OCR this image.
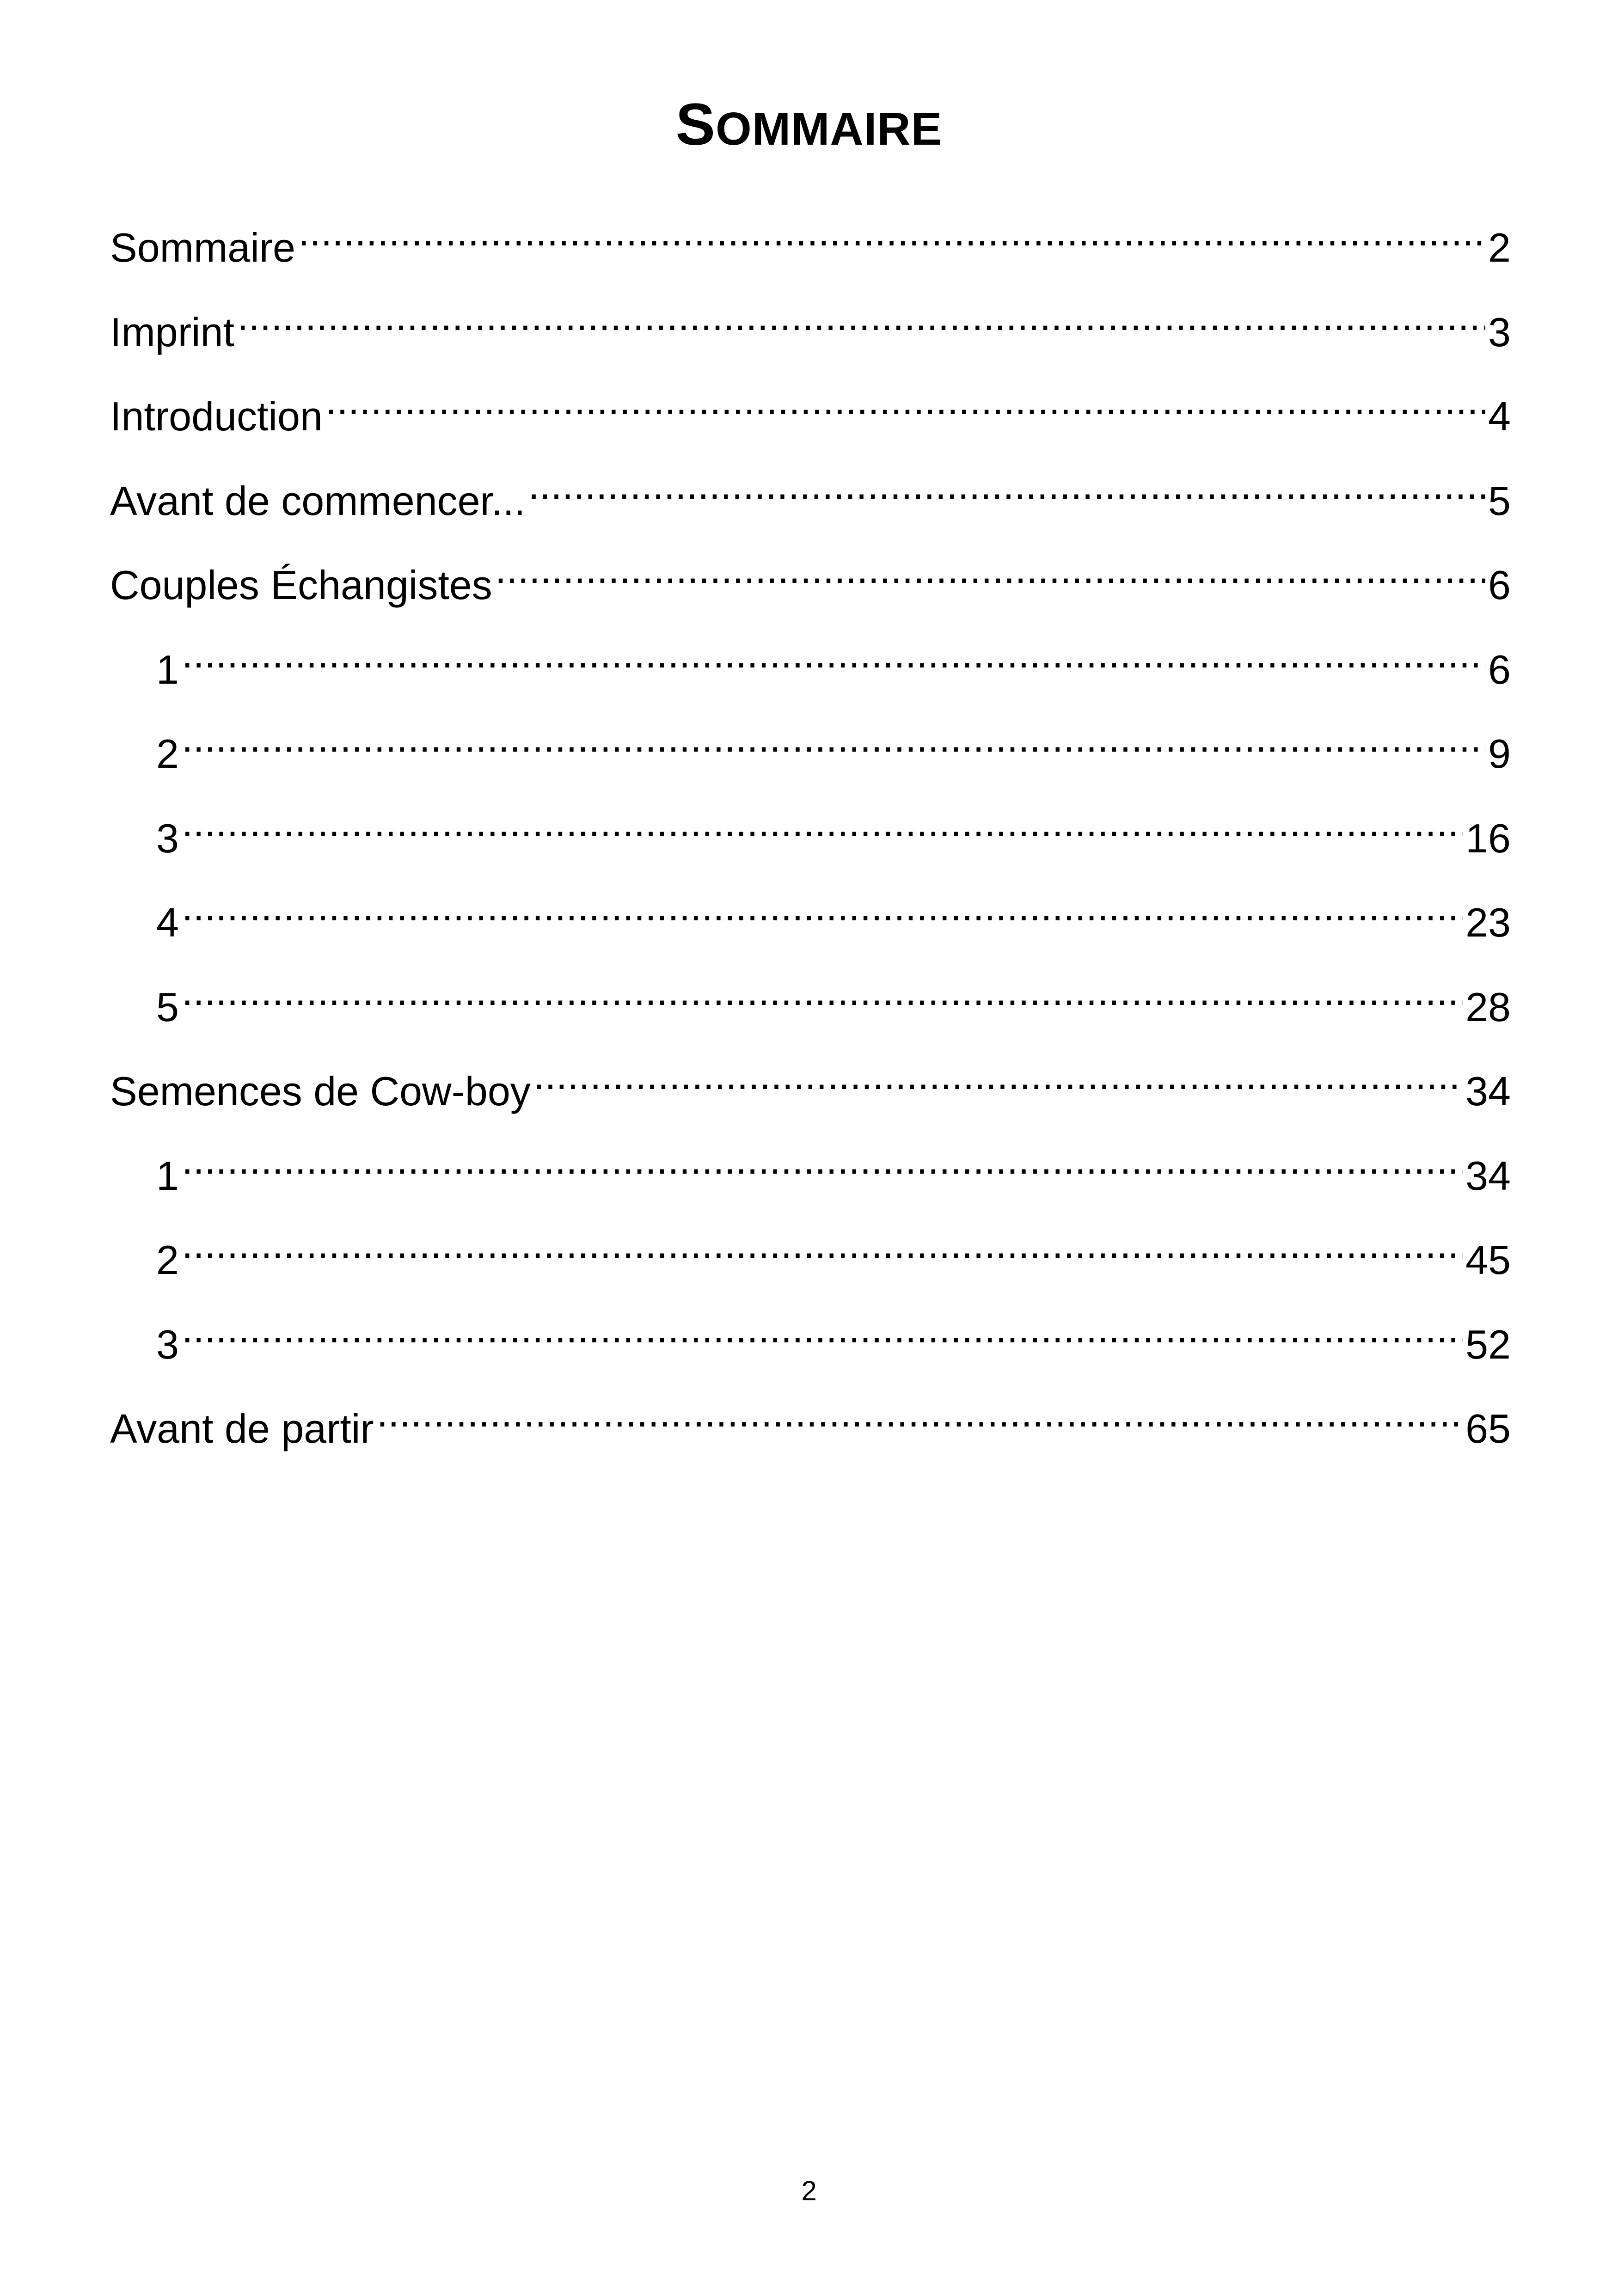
SOMMAIRE
Sommaire .....	2
Imprint .....	3
Introduction .....	4
Avant de commencer... .....	5
Couples Échangistes .....	6
1 .....	6
2 .....	9
3 .....	16
4 .....	23
5 .....	28
Semences de Cow-boy .....	34
1 .....	34
2 .....	45
3 .....	52
Avant de partir .....	65
2
